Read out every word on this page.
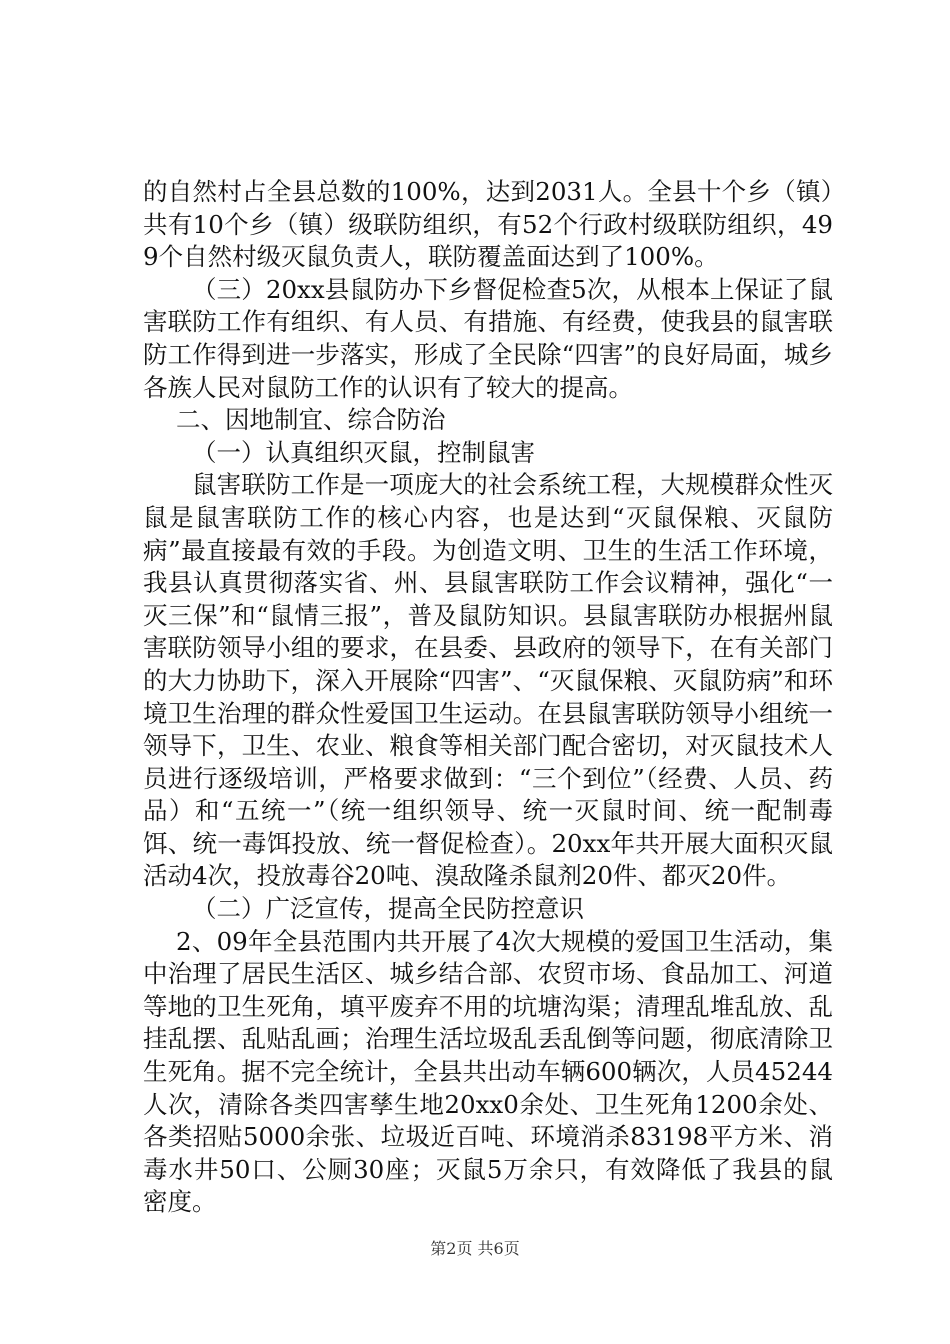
的自然村占全县总数的100%，达到2031人。全县十个乡（镇）共有10个乡（镇）级联防组织，有52个行政村级联防组织，499个自然村级灭鼠负责人，联防覆盖面达到了100%。

（三）20xx县鼠防办下乡督促检查5次，从根本上保证了鼠害联防工作有组织、有人员、有措施、有经费，使我县的鼠害联防工作得到进一步落实，形成了全民除“四害”的良好局面，城乡各族人民对鼠防工作的认识有了较大的提高。

二、因地制宜、综合防治

（一）认真组织灭鼠，控制鼠害

鼠害联防工作是一项庞大的社会系统工程，大规模群众性灭鼠是鼠害联防工作的核心内容，也是达到“灭鼠保粮、灭鼠防病”最直接最有效的手段。为创造文明、卫生的生活工作环境，我县认真贯彻落实省、州、县鼠害联防工作会议精神，强化“一灭三保”和“鼠情三报”，普及鼠防知识。县鼠害联防办根据州鼠害联防领导小组的要求，在县委、县政府的领导下，在有关部门的大力协助下，深入开展除“四害”、“灭鼠保粮、灭鼠防病”和环境卫生治理的群众性爱国卫生运动。在县鼠害联防领导小组统一领导下，卫生、农业、粮食等相关部门配合密切，对灭鼠技术人员进行逐级培训，严格要求做到：“三个到位”（经费、人员、药品）和“五统一”（统一组织领导、统一灭鼠时间、统一配制毒饵、统一毒饵投放、统一督促检查）。20xx年共开展大面积灭鼠活动4次，投放毒谷20吨、溴敌隆杀鼠剂20件、都灭20件。

（二）广泛宣传，提高全民防控意识

2、09年全县范围内共开展了4次大规模的爱国卫生活动，集中治理了居民生活区、城乡结合部、农贸市场、食品加工、河道等地的卫生死角，填平废弃不用的坑塘沟渠；清理乱堆乱放、乱挂乱摆、乱贴乱画；治理生活垃圾乱丢乱倒等问题，彻底清除卫生死角。据不完全统计，全县共出动车辆600辆次，人员45244人次，清除各类四害孳生地20xx0余处、卫生死角1200余处、各类招贴5000余张、垃圾近百吨、环境消杀83198平方米、消毒水井50口、公厕30座；灭鼠5万余只，有效降低了我县的鼠密度。

第2页 共6页
